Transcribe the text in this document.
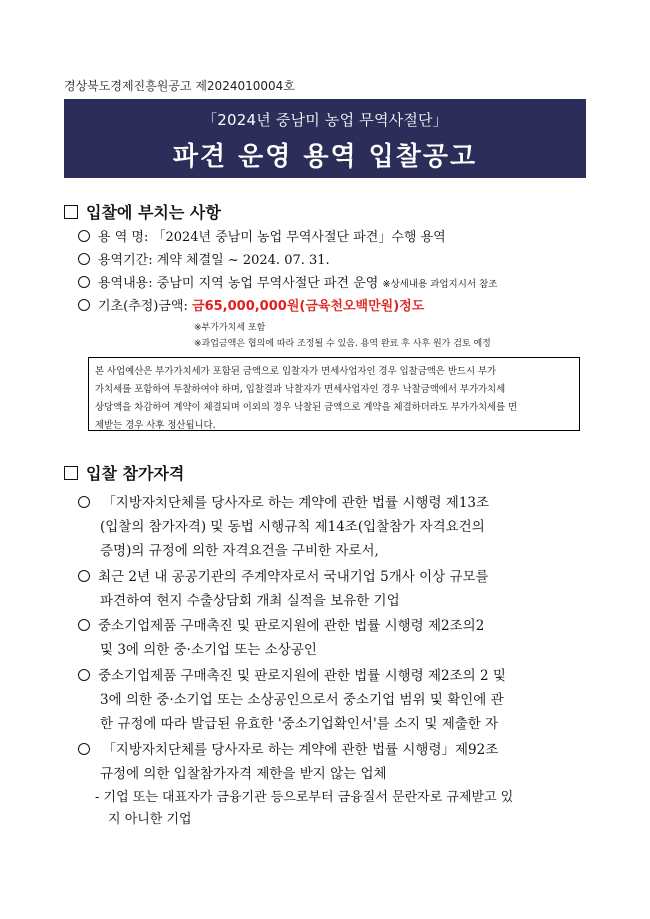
경상북도경제진흥원공고 제2024010004호
「2024년 중남미 농업 무역사절단」
파견 운영 용역 입찰공고
입찰에 부치는 사항
용 역 명: 「2024년 중남미 농업 무역사절단 파견」수행 용역
용역기간: 계약 체결일 ~ 2024. 07. 31.
용역내용: 중남미 지역 농업 무역사절단 파견 운영 ※상세내용 과업지시서 참조
기초(추정)금액: 금65,000,000원(금육천오백만원)정도
※부가가치세 포함
※과업금액은 협의에 따라 조정될 수 있음. 용역 완료 후 사후 원가 검토 예정
본 사업예산은 부가가치세가 포함된 금액으로 입찰자가 면세사업자인 경우 입찰금액은 반드시 부가
가치세를 포함하여 투찰하여야 하며, 입찰결과 낙찰자가 면세사업자인 경우 낙찰금액에서 부가가치세
상당액을 차감하여 계약이 체결되며 이외의 경우 낙찰된 금액으로 계약을 체결하더라도 부가가치세를 면
제받는 경우 사후 정산됩니다.
입찰 참가자격
「지방자치단체를 당사자로 하는 계약에 관한 법률 시행령 제13조
(입찰의 참가자격) 및 동법 시행규칙 제14조(입찰참가 자격요건의
증명)의 규정에 의한 자격요건을 구비한 자로서,
최근 2년 내 공공기관의 주계약자로서 국내기업 5개사 이상 규모를
파견하여 현지 수출상담회 개최 실적을 보유한 기업
중소기업제품 구매촉진 및 판로지원에 관한 법률 시행령 제2조의2
및 3에 의한 중·소기업 또는 소상공인
중소기업제품 구매촉진 및 판로지원에 관한 법률 시행령 제2조의 2 및
3에 의한 중·소기업 또는 소상공인으로서 중소기업 범위 및 확인에 관
한 규정에 따라 발급된 유효한 '중소기업확인서'를 소지 및 제출한 자
「지방자치단체를 당사자로 하는 계약에 관한 법률 시행령」제92조
규정에 의한 입찰참가자격 제한을 받지 않는 업체
- 기업 또는 대표자가 금융기관 등으로부터 금융질서 문란자로 규제받고 있
지 아니한 기업
